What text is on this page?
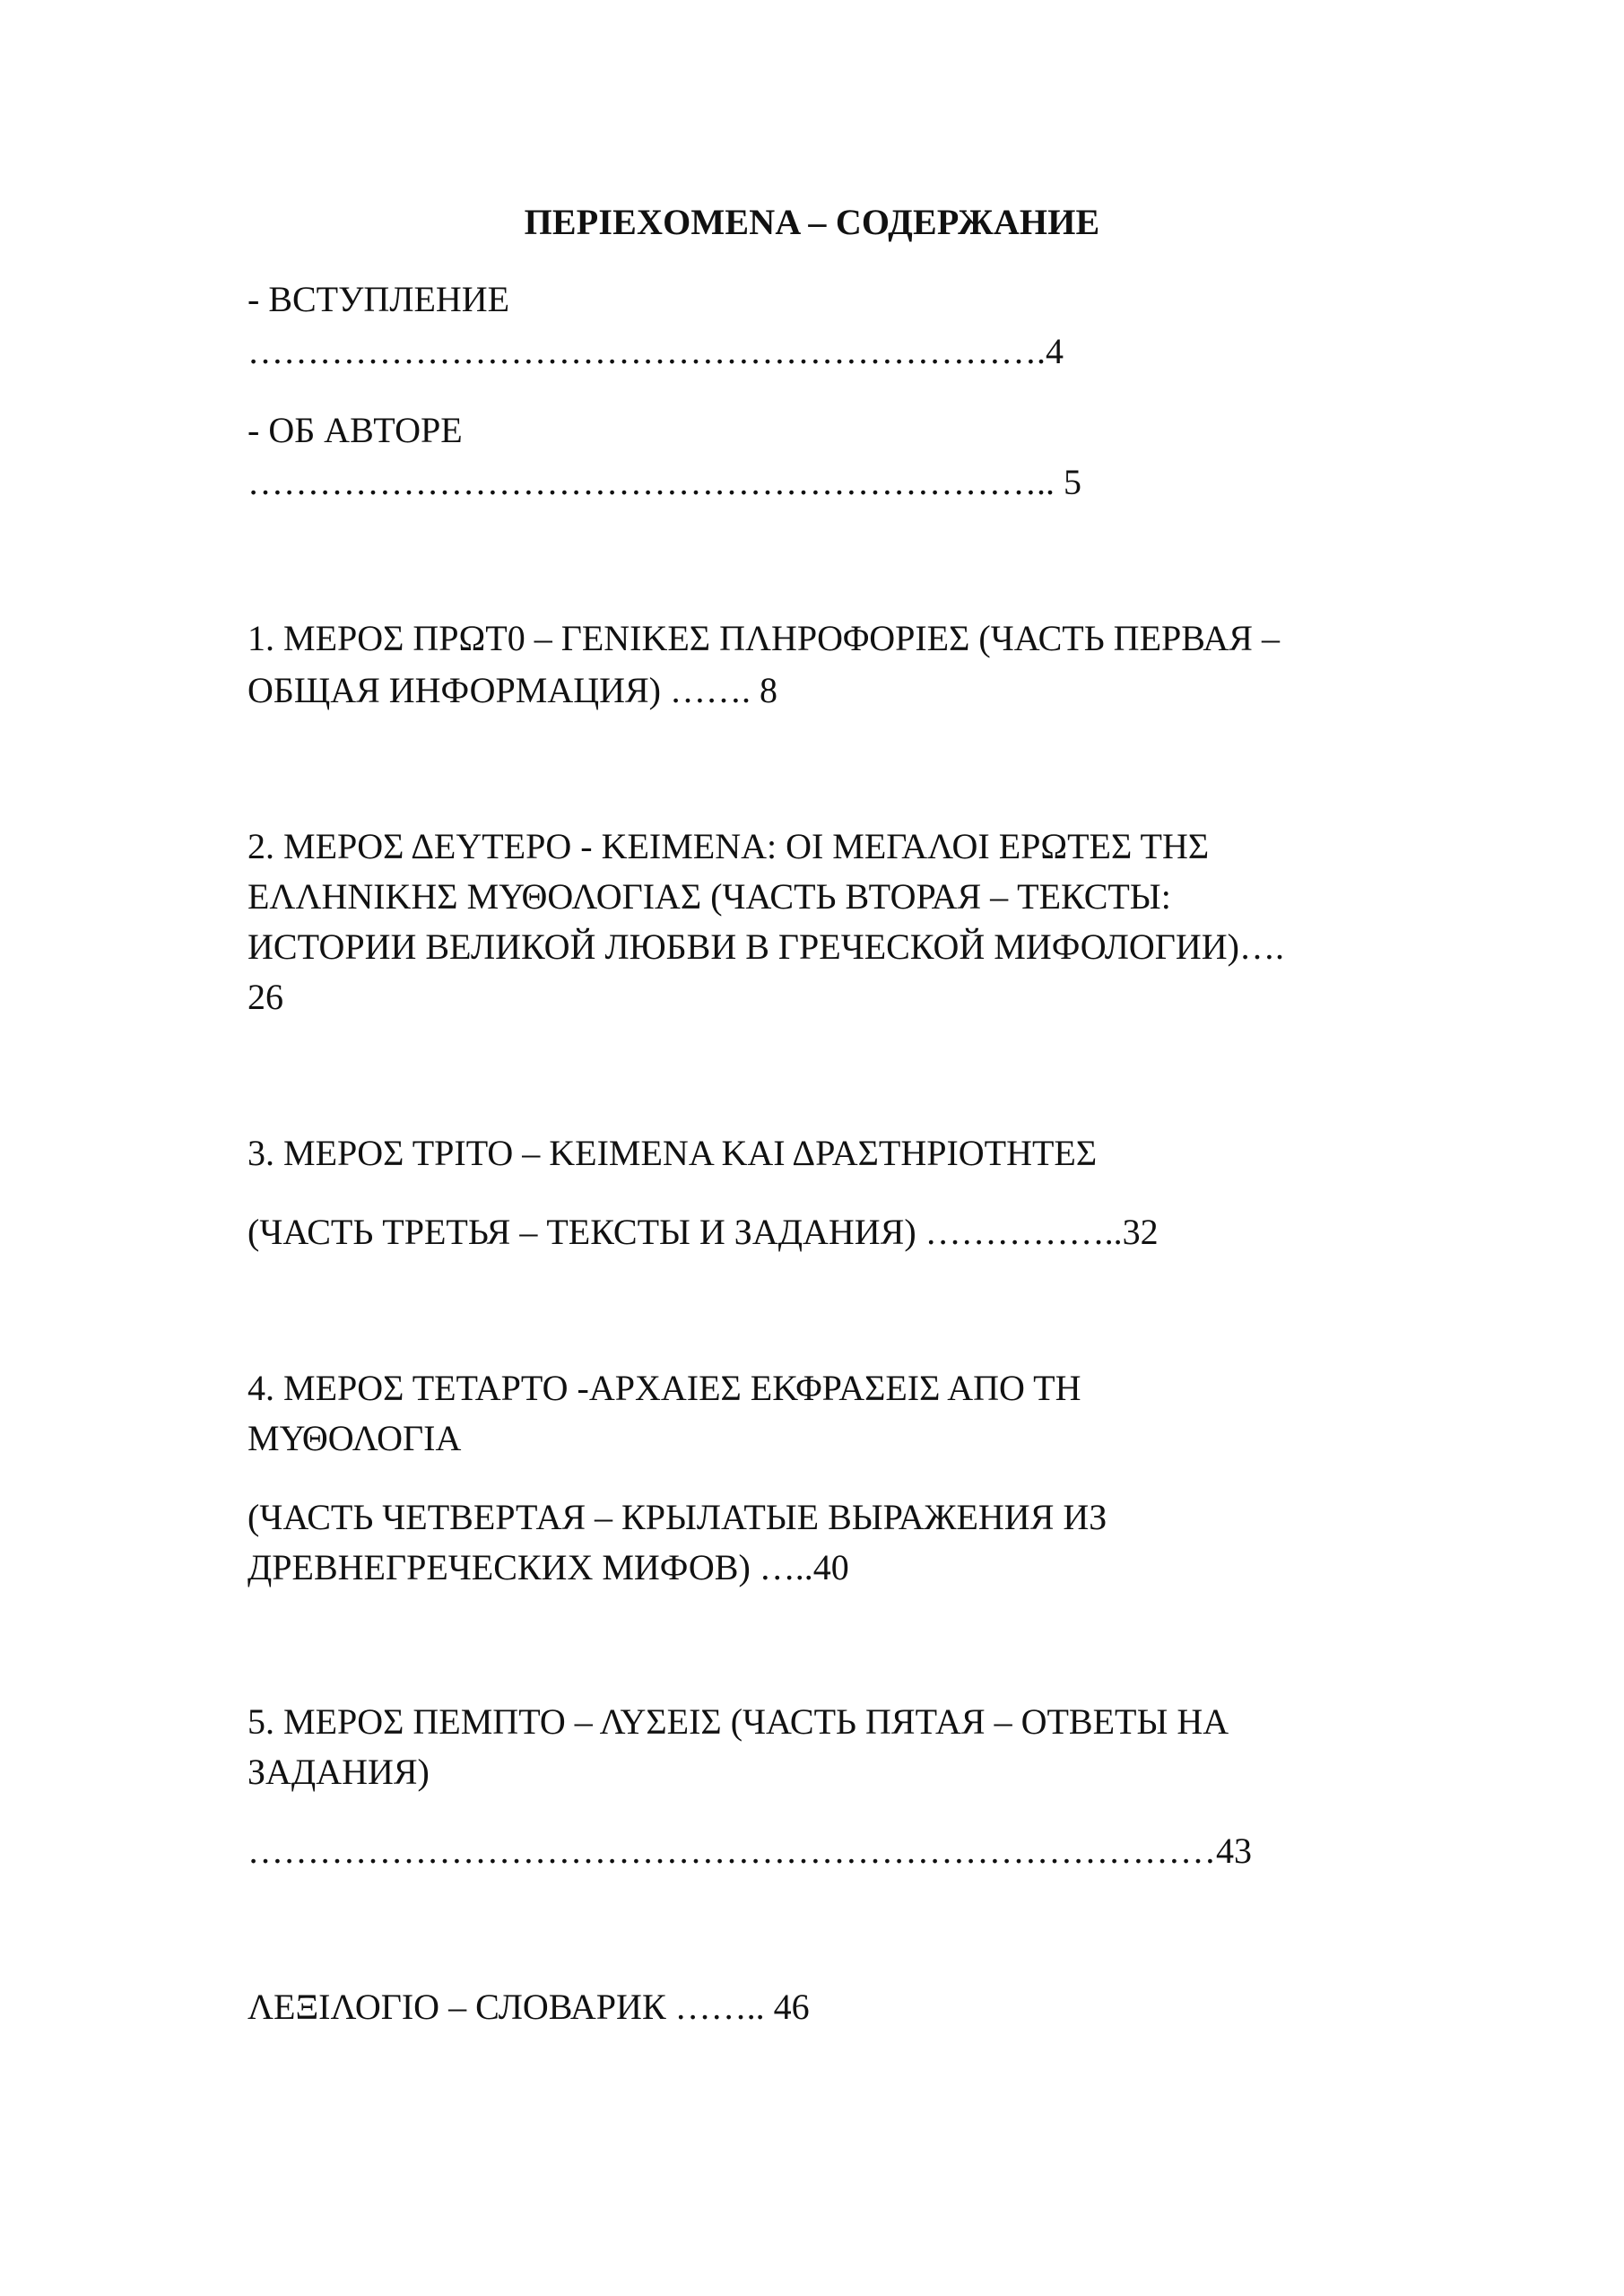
ΠΕΡΙΕΧΟΜΕΝΑ – СОДЕРЖАНИЕ
- ВСТУПЛЕНИЕ
………………………………………………………….4
- ОБ АВТОРЕ
………………………………………………………….. 5
1. ΜΕΡΟΣ ΠΡΩΤ0 – ΓΕΝΙΚΕΣ ΠΛΗΡΟΦΟΡΙΕΣ (ЧАСТЬ ПЕРВАЯ –
ОБЩАЯ ИНФОРМАЦИЯ) ……. 8
2. ΜΕΡΟΣ ΔΕΥΤΕΡΟ - ΚΕΙΜΕΝΑ: ΟΙ ΜΕΓΑΛΟΙ ΕΡΩΤΕΣ ΤΗΣ
ΕΛΛΗΝΙΚΗΣ ΜΥΘΟΛΟΓΙΑΣ (ЧАСТЬ ВТОРАЯ – ТЕКСТЫ:
ИСТОРИИ ВЕЛИКОЙ ЛЮБВИ В ГРЕЧЕСКОЙ МИФОЛОГИИ)….
26
3. ΜΕΡΟΣ ΤΡΙΤΟ – ΚΕΙΜΕΝΑ ΚΑΙ ΔΡΑΣΤΗΡΙΟΤΗΤΕΣ
(ЧАСТЬ ТРЕТЬЯ – ТЕКСТЫ И ЗАДАНИЯ) ……………..32
4. ΜΕΡΟΣ ΤΕΤΑΡΤΟ -ΑΡΧΑΙΕΣ ΕΚΦΡΑΣΕΙΣ ΑΠΟ ΤΗ
ΜΥΘΟΛΟΓΙΑ
(ЧАСТЬ ЧЕТВЕРТАЯ – КРЫЛАТЫЕ ВЫРАЖЕНИЯ ИЗ
ДРЕВНЕГРЕЧЕСКИХ МИФОВ) …..40
5. ΜΕΡΟΣ ΠΕΜΠΤΟ – ΛΥΣΕΙΣ (ЧАСТЬ ПЯТАЯ – ОТВЕТЫ НА
ЗАДАНИЯ)
………………………………………………………………………43
ΛΕΞΙΛΟΓΙΟ – СЛОВАРИК …….. 46
